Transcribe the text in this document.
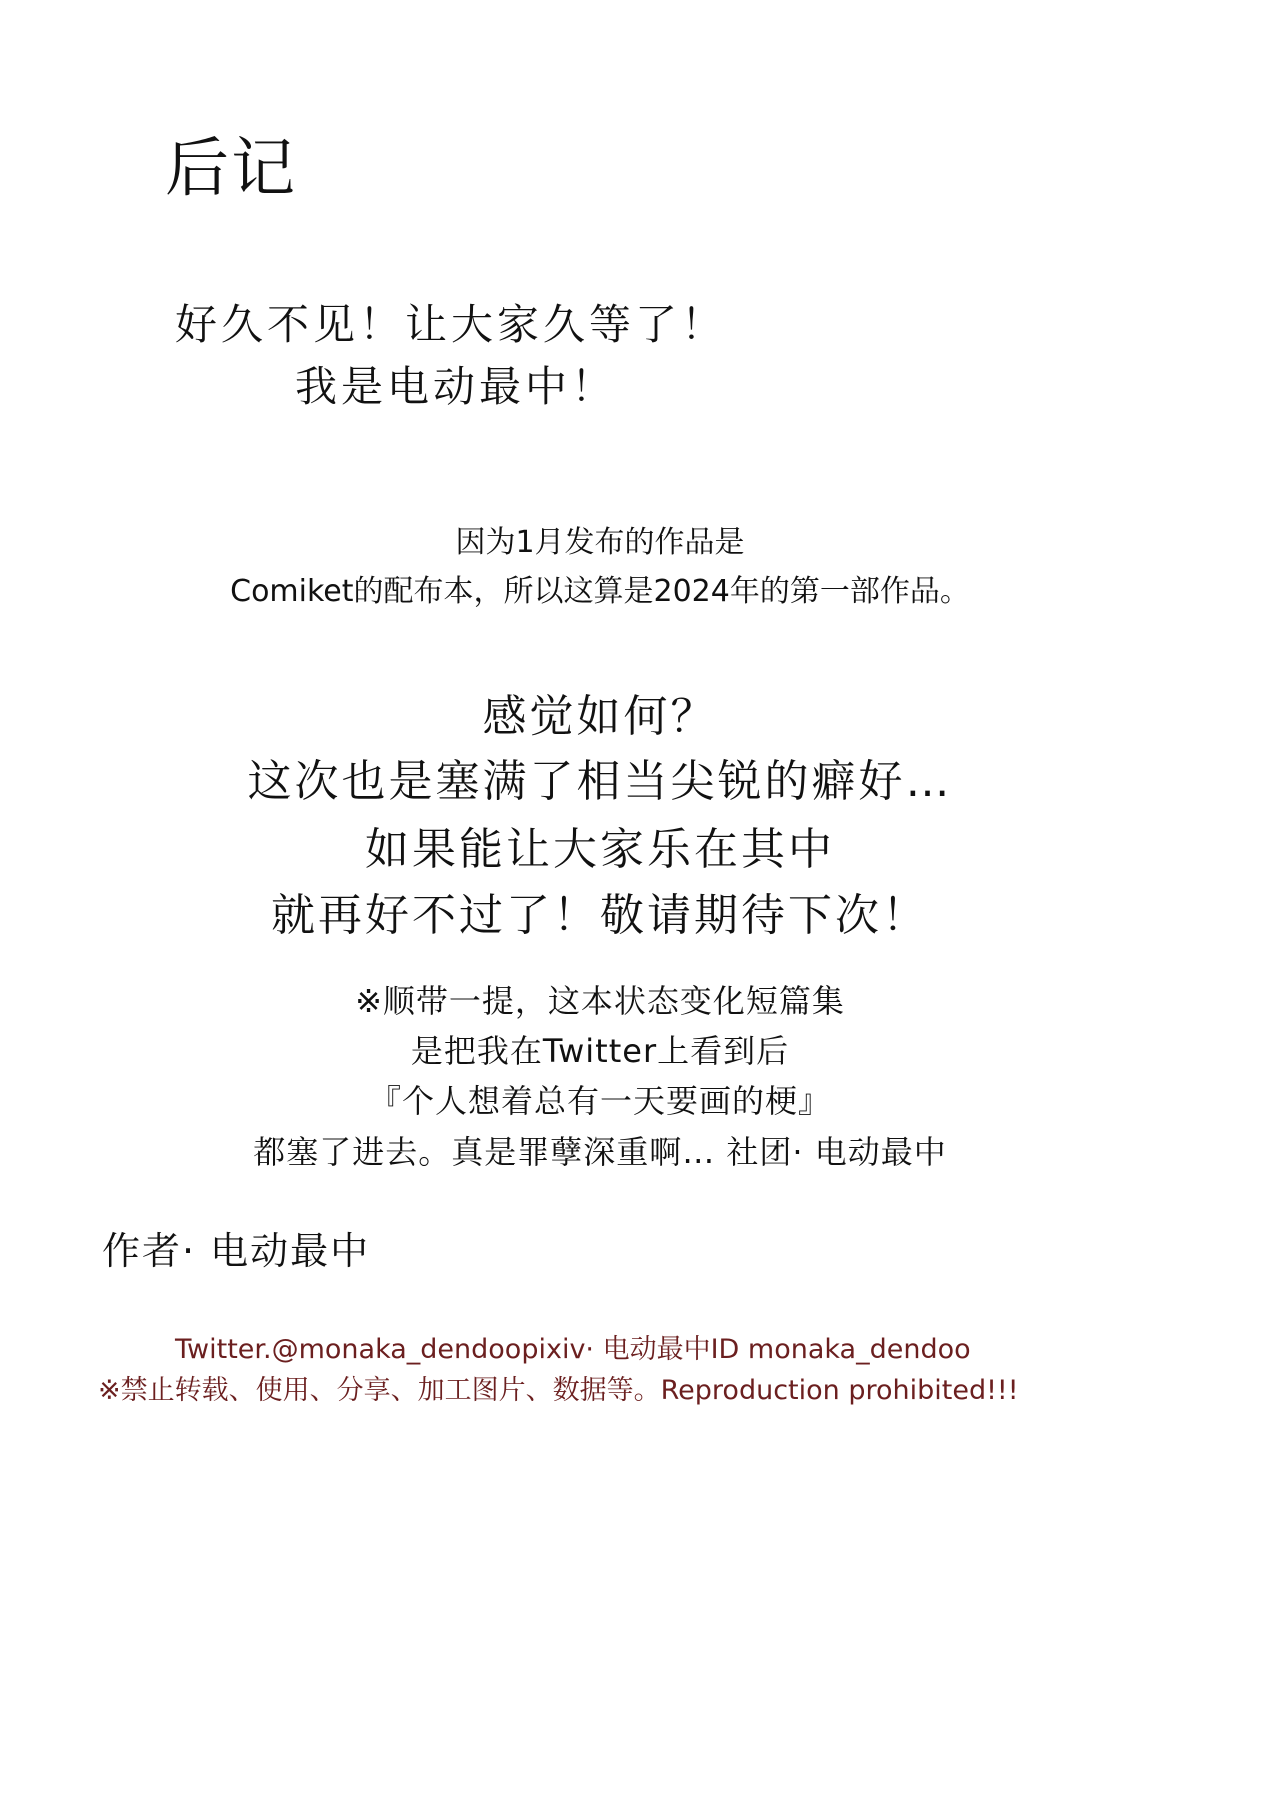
后记
好久不见！让大家久等了！
我是电动最中！
因为1月发布的作品是
Comiket的配布本，所以这算是2024年的第一部作品。
感觉如何？
这次也是塞满了相当尖锐的癖好…
如果能让大家乐在其中
就再好不过了！敬请期待下次！
※顺带一提，这本状态变化短篇集
是把我在Twitter上看到后
『个人想着总有一天要画的梗』
都塞了进去。真是罪孽深重啊… 社团· 电动最中
作者· 电动最中
Twitter.@monaka_dendoopixiv· 电动最中ID monaka_dendoo
※禁止转载、使用、分享、加工图片、数据等。Reproduction prohibited!!!
